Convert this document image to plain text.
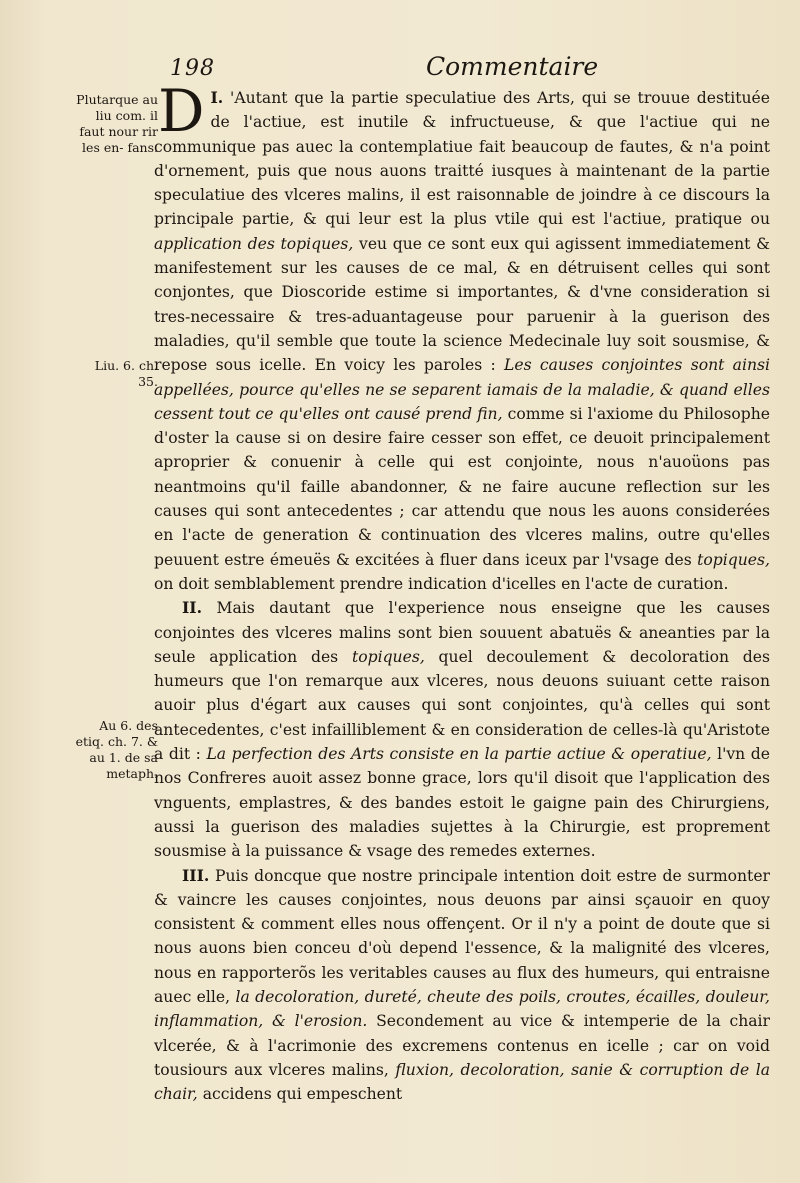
198	Commentaire
Plutarque au liu com. il faut nour rir les en- fans.
Liu. 6. ch. 35.
Au 6. des etiq. ch. 7. & au 1. de sa metaph.

D I. 'Autant que la partie speculatiue des Arts, qui se trouue destituée de l'actiue, est inutile & infructueuse, & que l'actiue qui ne communique pas auec la contemplatiue fait beaucoup de fautes, & n'a point d'ornement, puis que nous auons traitté iusques à maintenant de la partie speculatiue des vlceres malins, il est raisonnable de joindre à ce discours la principale partie, & qui leur est la plus vtile qui est l'actiue, pratique ou application des topiques, veu que ce sont eux qui agissent immediatement & manifestement sur les causes de ce mal, & en détruisent celles qui sont conjontes, que Dioscoride estime si importantes, & d'vne consideration si tres-necessaire & tres-aduantageuse pour paruenir à la guerison des maladies, qu'il semble que toute la science Medecinale luy soit sousmise, & repose sous icelle. En voicy les paroles : Les causes conjointes sont ainsi appellées, pource qu'elles ne se separent iamais de la maladie, & quand elles cessent tout ce qu'elles ont causé prend fin, comme si l'axiome du Philosophe d'oster la cause si on desire faire cesser son effet, ce deuoit principalement aproprier & conuenir à celle qui est conjointe, nous n'auoüons pas neantmoins qu'il faille abandonner, & ne faire aucune reflection sur les causes qui sont antecedentes ; car attendu que nous les auons considerées en l'acte de generation & continuation des vlceres malins, outre qu'elles peuuent estre émeuës & excitées à fluer dans iceux par l'vsage des topiques, on doit semblablement prendre indication d'icelles en l'acte de curation.

II. Mais dautant que l'experience nous enseigne que les causes conjointes des vlceres malins sont bien souuent abatuës & aneanties par la seule application des topiques, quel decoulement & decoloration des humeurs que l'on remarque aux vlceres, nous deuons suiuant cette raison auoir plus d'égart aux causes qui sont conjointes, qu'à celles qui sont antecedentes, c'est infailliblement & en consideration de celles-là qu'Aristote a dit : La perfection des Arts consiste en la partie actiue & operatiue, l'vn de nos Confreres auoit assez bonne grace, lors qu'il disoit que l'application des vnguents, emplastres, & des bandes estoit le gaigne pain des Chirurgiens, aussi la guerison des maladies sujettes à la Chirurgie, est proprement sousmise à la puissance & vsage des remedes externes.

III. Puis doncque que nostre principale intention doit estre de surmonter & vaincre les causes conjointes, nous deuons par ainsi sçauoir en quoy consistent & comment elles nous offençent. Or il n'y a point de doute que si nous auons bien conceu d'où depend l'essence, & la malignité des vlceres, nous en rapporterõs les veritables causes au flux des humeurs, qui entraisne auec elle, la decoloration, dureté, cheute des poils, croutes, écailles, douleur, inflammation, & l'erosion. Secondement au vice & intemperie de la chair vlcerée, & à l'acrimonie des excremens contenus en icelle ; car on void tousiours aux vlceres malins, fluxion, decoloration, sanie & corruption de la chair, accidens qui empeschent
